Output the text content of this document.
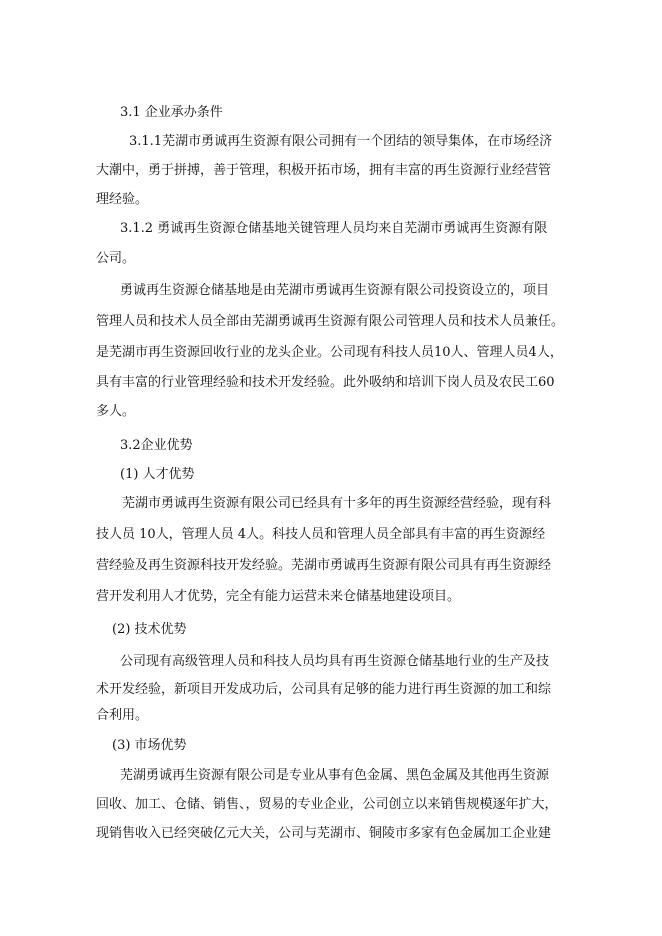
3.1 企业承办条件
3.1.1芜湖市勇诚再生资源有限公司拥有一个团结的领导集体，在市场经济
大潮中，勇于拼搏，善于管理，积极开拓市场，拥有丰富的再生资源行业经营管
理经验。
3.1.2 勇诚再生资源仓储基地关键管理人员均来自芜湖市勇诚再生资源有限
公司。
勇诚再生资源仓储基地是由芜湖市勇诚再生资源有限公司投资设立的，项目
管理人员和技术人员全部由芜湖勇诚再生资源有限公司管理人员和技术人员兼任。
是芜湖市再生资源回收行业的龙头企业。公司现有科技人员10人、管理人员4人，
具有丰富的行业管理经验和技术开发经验。此外吸纳和培训下岗人员及农民工60
多人。
3.2企业优势
(1) 人才优势
芜湖市勇诚再生资源有限公司已经具有十多年的再生资源经营经验，现有科
技人员 10人，管理人员 4人。科技人员和管理人员全部具有丰富的再生资源经
营经验及再生资源科技开发经验。芜湖市勇诚再生资源有限公司具有再生资源经
营开发利用人才优势，完全有能力运营未来仓储基地建设项目。
(2) 技术优势
公司现有高级管理人员和科技人员均具有再生资源仓储基地行业的生产及技
术开发经验，新项目开发成功后，公司具有足够的能力进行再生资源的加工和综
合利用。
(3) 市场优势
芜湖勇诚再生资源有限公司是专业从事有色金属、黑色金属及其他再生资源
回收、加工、仓储、销售、，贸易的专业企业，公司创立以来销售规模逐年扩大，
现销售收入已经突破亿元大关，公司与芜湖市、铜陵市多家有色金属加工企业建
